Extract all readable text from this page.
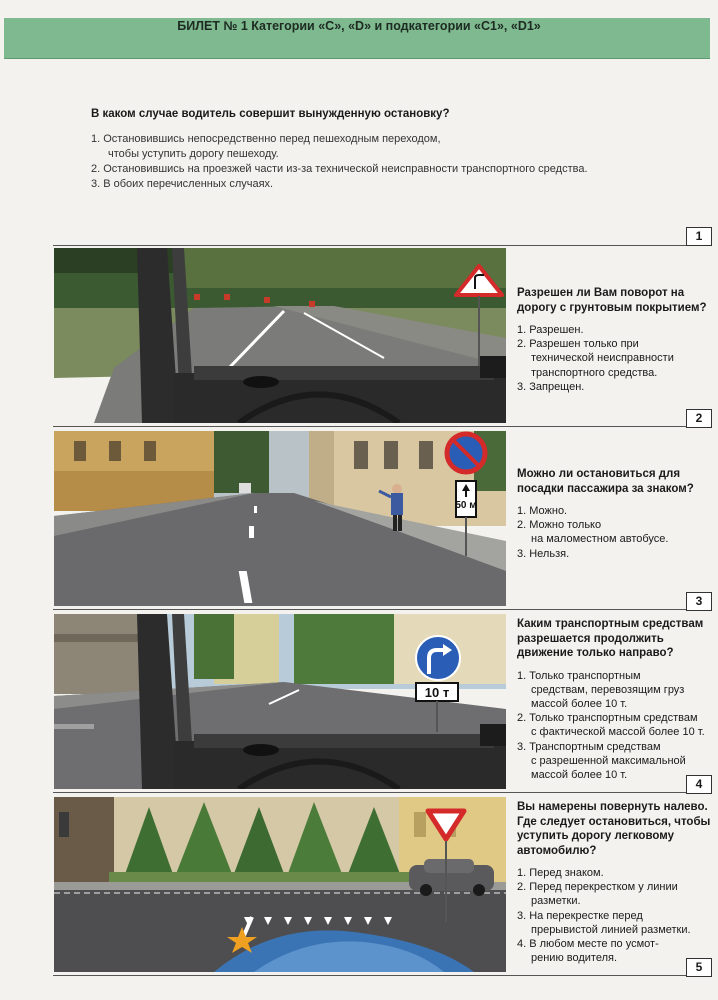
БИЛЕТ № 1 Категории «С», «D» и подкатегории «С1», «D1»
В каком случае водитель совершит вынужденную остановку?

1. Остановившись непосредственно перед пешеходным переходом,

чтобы уступить дорогу пешеходу.

2. Остановившись на проезжей части из-за технической неисправности транспортного средства.

3. В обоих перечисленных случаях.

1
Разрешен ли Вам поворот на дорогу с грунтовым покрытием?

1. Разрешен.

2. Разрешен только при

технической неисправности

транспортного средства.

3. Запрещен.

2
50 м
Можно ли остановиться для посадки пассажира за знаком?

1. Можно.

2. Можно только

на маломестном автобусе.

3. Нельзя.

3
10 т
Каким транспортным средствам разрешается продолжить движение только направо?

1. Только транспортным

средствам, перевозящим груз

массой более 10 т.

2. Только транспортным средствам

с фактической массой более 10 т.

3. Транспортным средствам

с разрешенной максимальной

массой более 10 т.

4
Вы намерены повернуть налево. Где следует остановиться, чтобы уступить дорогу легковому автомобилю?

1. Перед знаком.

2. Перед перекрестком у линии

разметки.

3. На перекрестке перед

прерывистой линией разметки.

4. В любом месте по усмот-

рению водителя.

5
